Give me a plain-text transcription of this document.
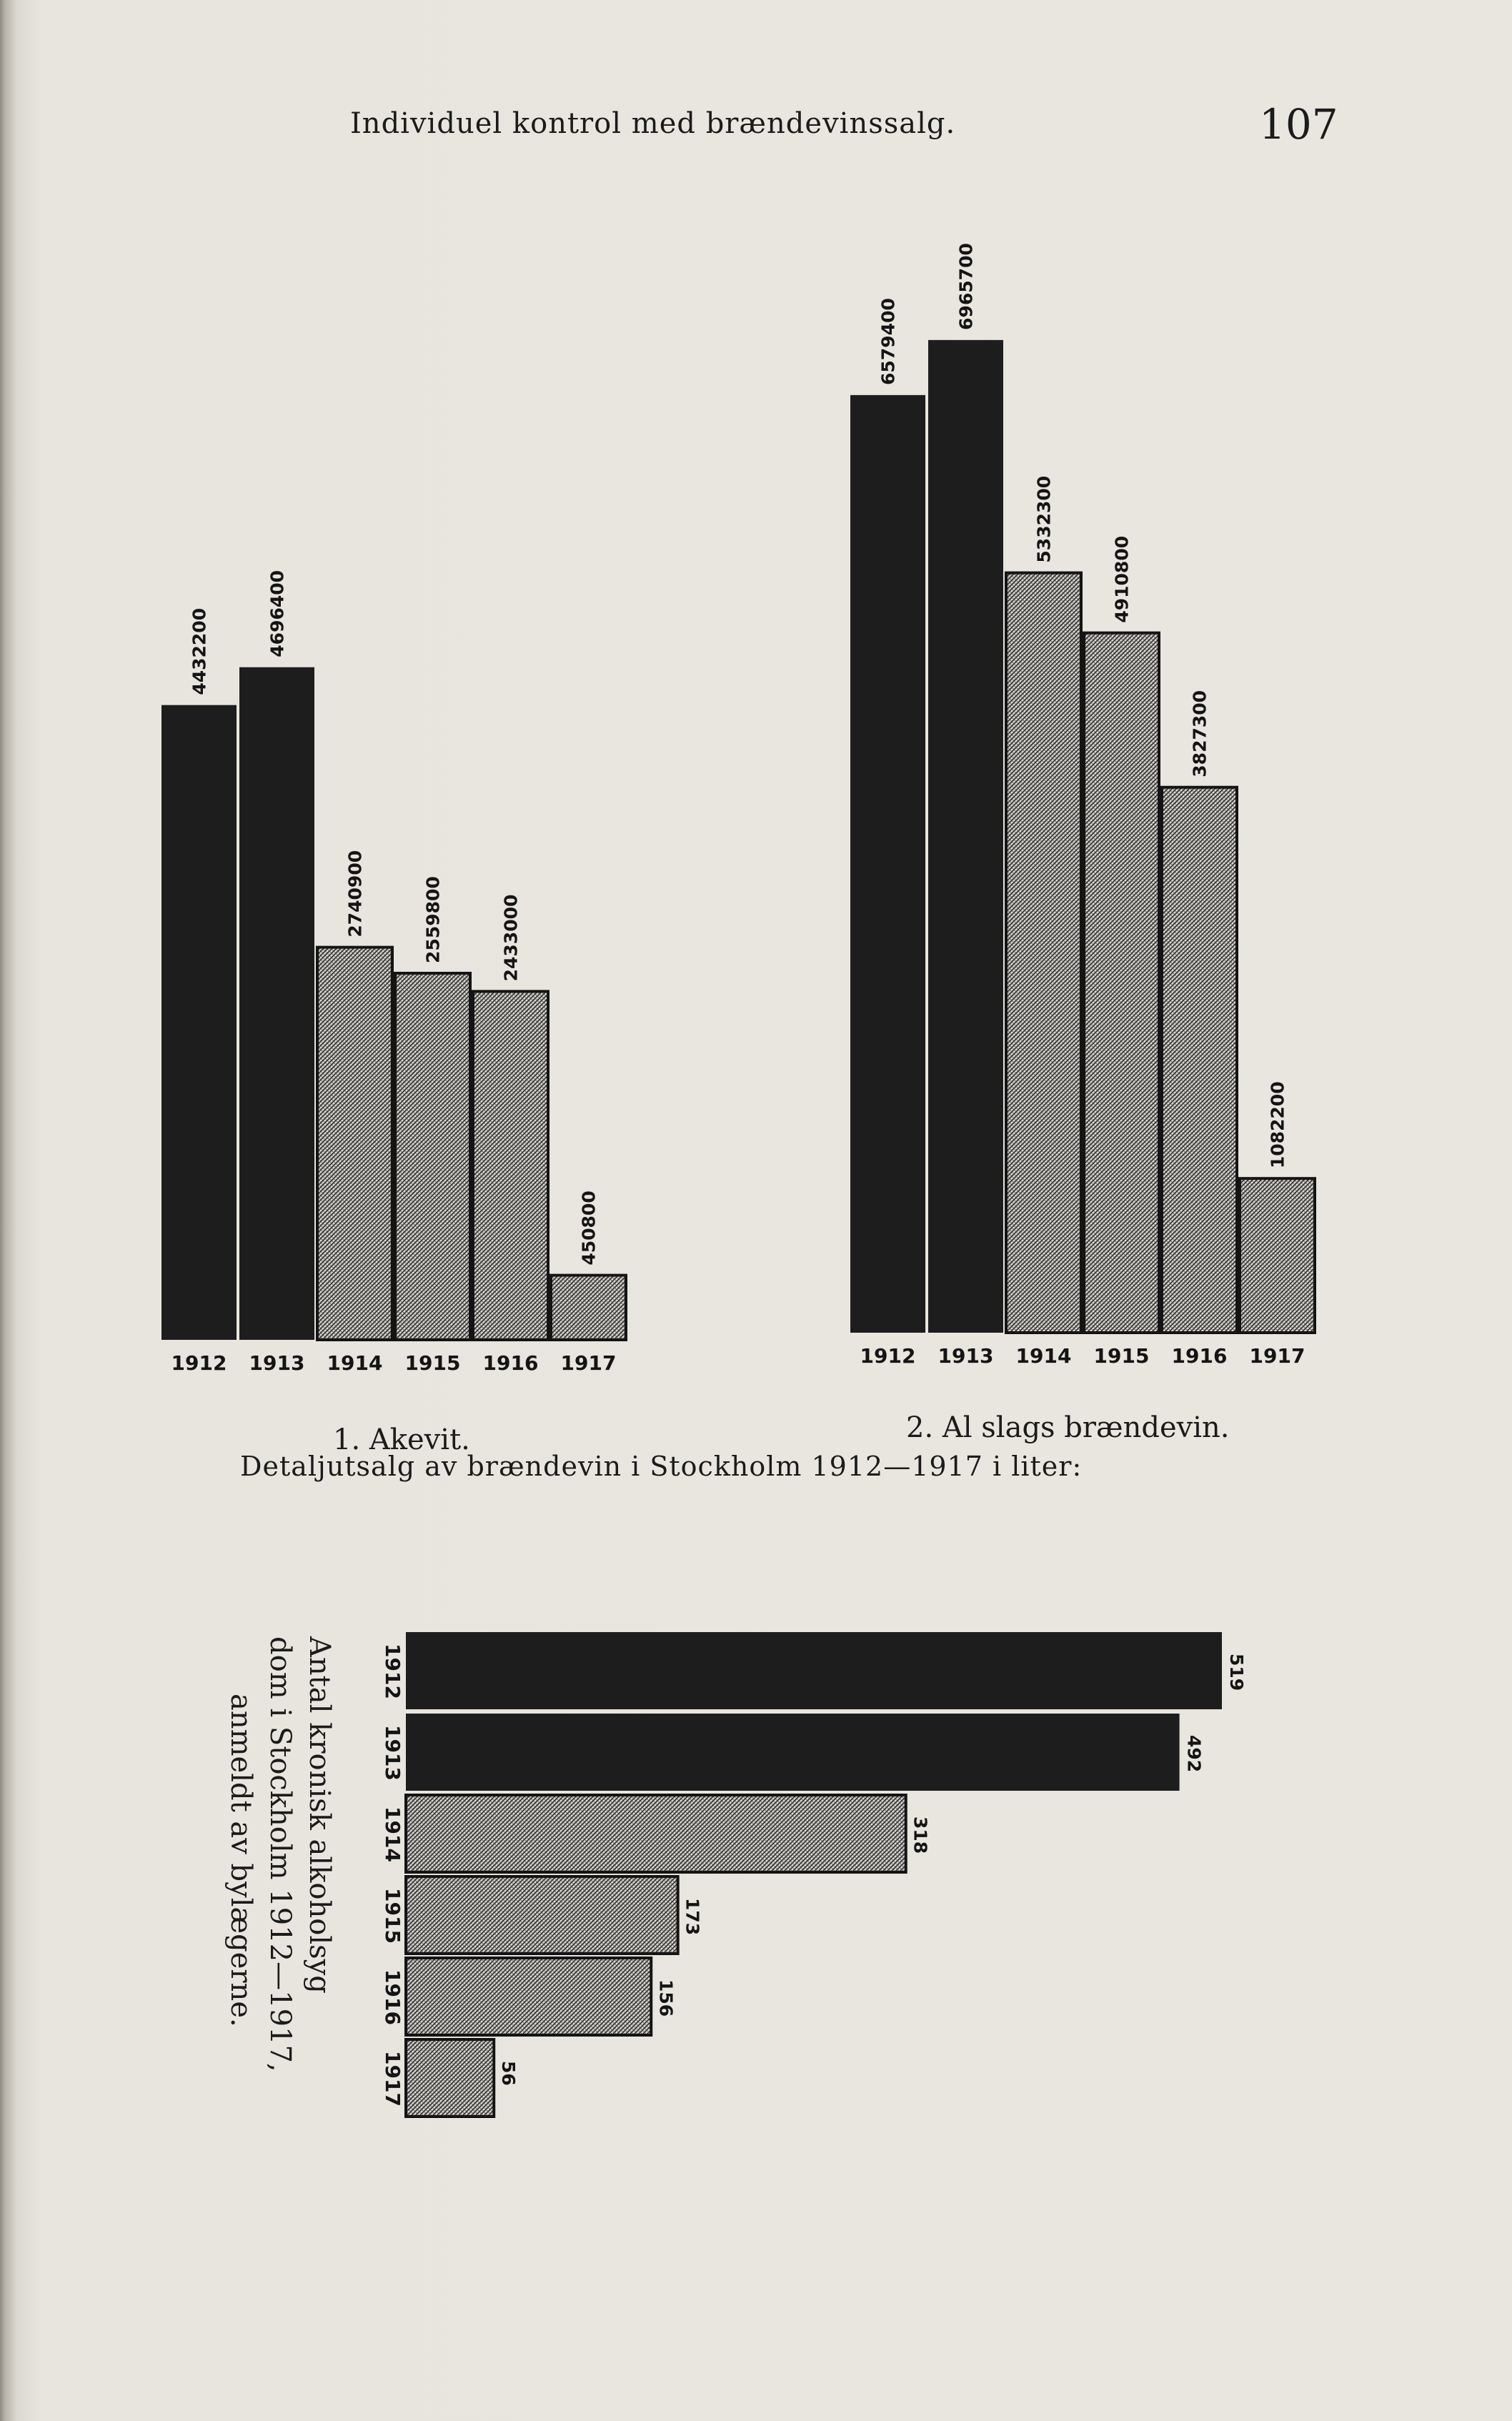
Individuel kontrol med brændevinssalg.	107
4432200	4696400
2740900	2559800	2433000
450800
1912 1913 1914 1915 1916 1917
6579400
6965700
5332300
4910800
3827300
1082200
1912 1913 1914 1915 1916 1917
1. Akevit.	2. Al slags brændevin.
Detaljutsalg av brændevin i Stockholm 1912—1917 i liter:
519
492
318
173
156
56
1912
1913
1914
1915
1916
1917
Antal kronisk alkoholsyg
dom i Stockholm 1912—1917,
anmeldt av bylægerne.
